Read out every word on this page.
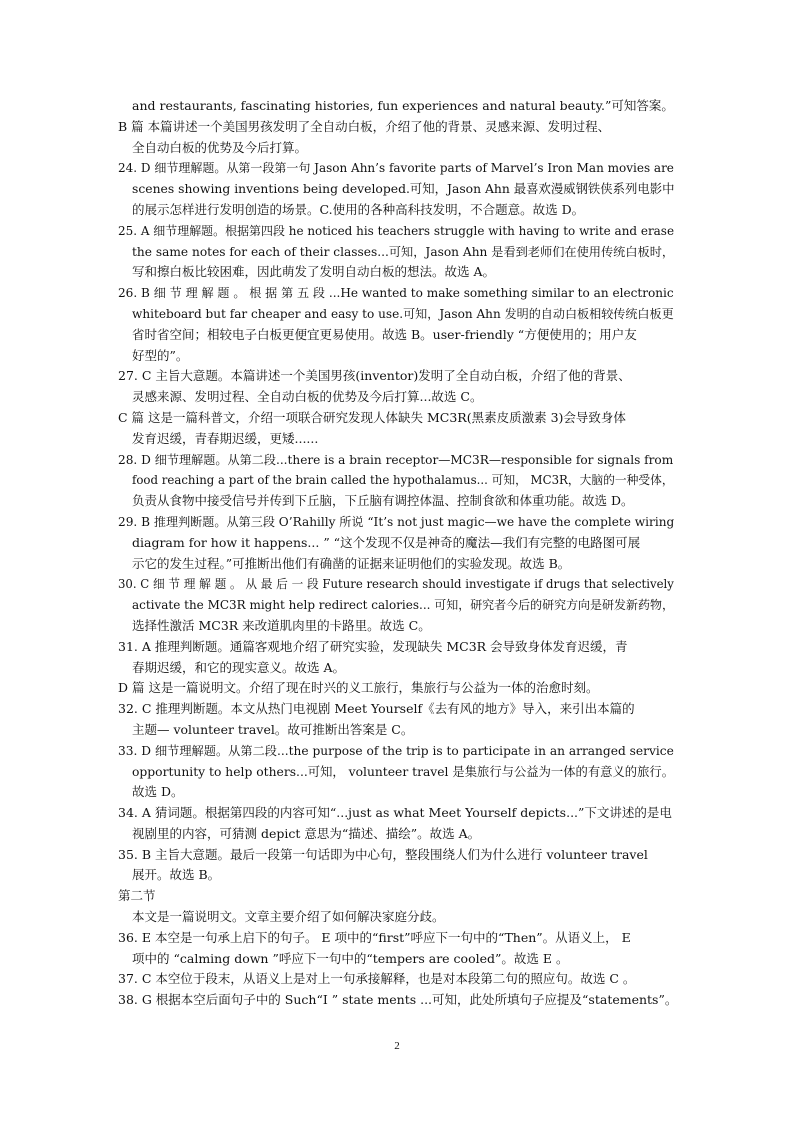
and restaurants, fascinating histories, fun experiences and natural beauty.”可知答案。
B 篇 本篇讲述一个美国男孩发明了全自动白板，介绍了他的背景、灵感来源、发明过程、
全自动白板的优势及今后打算。
24. D 细节理解题。从第一段第一句 Jason Ahn’s favorite parts of Marvel’s Iron Man movies are
scenes showing inventions being developed.可知，Jason Ahn 最喜欢漫威钢铁侠系列电影中
的展示怎样进行发明创造的场景。C.使用的各种高科技发明，不合题意。故选 D。
25. A 细节理解题。根据第四段 he noticed his teachers struggle with having to write and erase
the same notes for each of their classes...可知，Jason Ahn 是看到老师们在使用传统白板时，
写和擦白板比较困难，因此萌发了发明自动白板的想法。故选 A。
26. B 细 节 理 解 题 。 根 据 第 五 段 ...He wanted to make something similar to an electronic
whiteboard but far cheaper and easy to use.可知，Jason Ahn 发明的自动白板相较传统白板更
省时省空间；相较电子白板更便宜更易使用。故选 B。user-friendly “方便使用的；用户友
好型的”。
27. C 主旨大意题。本篇讲述一个美国男孩(inventor)发明了全自动白板，介绍了他的背景、
灵感来源、发明过程、全自动白板的优势及今后打算...故选 C。
C 篇 这是一篇科普文，介绍一项联合研究发现人体缺失 MC3R(黑素皮质激素 3)会导致身体
发育迟缓，青春期迟缓，更矮......
28. D 细节理解题。从第二段...there is a brain receptor—MC3R—responsible for signals from
food reaching a part of the brain called the hypothalamus... 可知， MC3R，大脑的一种受体，
负责从食物中接受信号并传到下丘脑，下丘脑有调控体温、控制食欲和体重功能。故选 D。
29. B 推理判断题。从第三段 O’Rahilly 所说 “It’s not just magic—we have the complete wiring
diagram for how it happens... ” “这个发现不仅是神奇的魔法—我们有完整的电路图可展
示它的发生过程。”可推断出他们有确凿的证据来证明他们的实验发现。故选 B。
30. C 细 节 理 解 题 。 从 最 后 一 段 Future research should investigate if drugs that selectively
activate the MC3R might help redirect calories... 可知，研究者今后的研究方向是研发新药物，
选择性激活 MC3R 来改道肌肉里的卡路里。故选 C。
31. A 推理判断题。通篇客观地介绍了研究实验，发现缺失 MC3R 会导致身体发育迟缓，青
春期迟缓，和它的现实意义。故选 A。
D 篇 这是一篇说明文。介绍了现在时兴的义工旅行，集旅行与公益为一体的治愈时刻。
32. C 推理判断题。本文从热门电视剧 Meet Yourself《去有风的地方》导入，来引出本篇的
主题— volunteer travel。故可推断出答案是 C。
33. D 细节理解题。从第二段...the purpose of the trip is to participate in an arranged service
opportunity to help others...可知， volunteer travel 是集旅行与公益为一体的有意义的旅行。
故选 D。
34. A 猜词题。根据第四段的内容可知“...just as what Meet Yourself depicts...”下文讲述的是电
视剧里的内容，可猜测 depict 意思为“描述、描绘”。故选 A。
35. B 主旨大意题。最后一段第一句话即为中心句，整段围绕人们为什么进行 volunteer travel
展开。故选 B。
第二节
本文是一篇说明文。文章主要介绍了如何解决家庭分歧。
36. E 本空是一句承上启下的句子。 E 项中的“first”呼应下一句中的“Then”。从语义上， E
项中的 “calming down ”呼应下一句中的“tempers are cooled”。故选 E 。
37. C 本空位于段末，从语义上是对上一句承接解释，也是对本段第二句的照应句。故选 C 。
38. G 根据本空后面句子中的 Such“I ” state ments ...可知，此处所填句子应提及“statements”。
2
